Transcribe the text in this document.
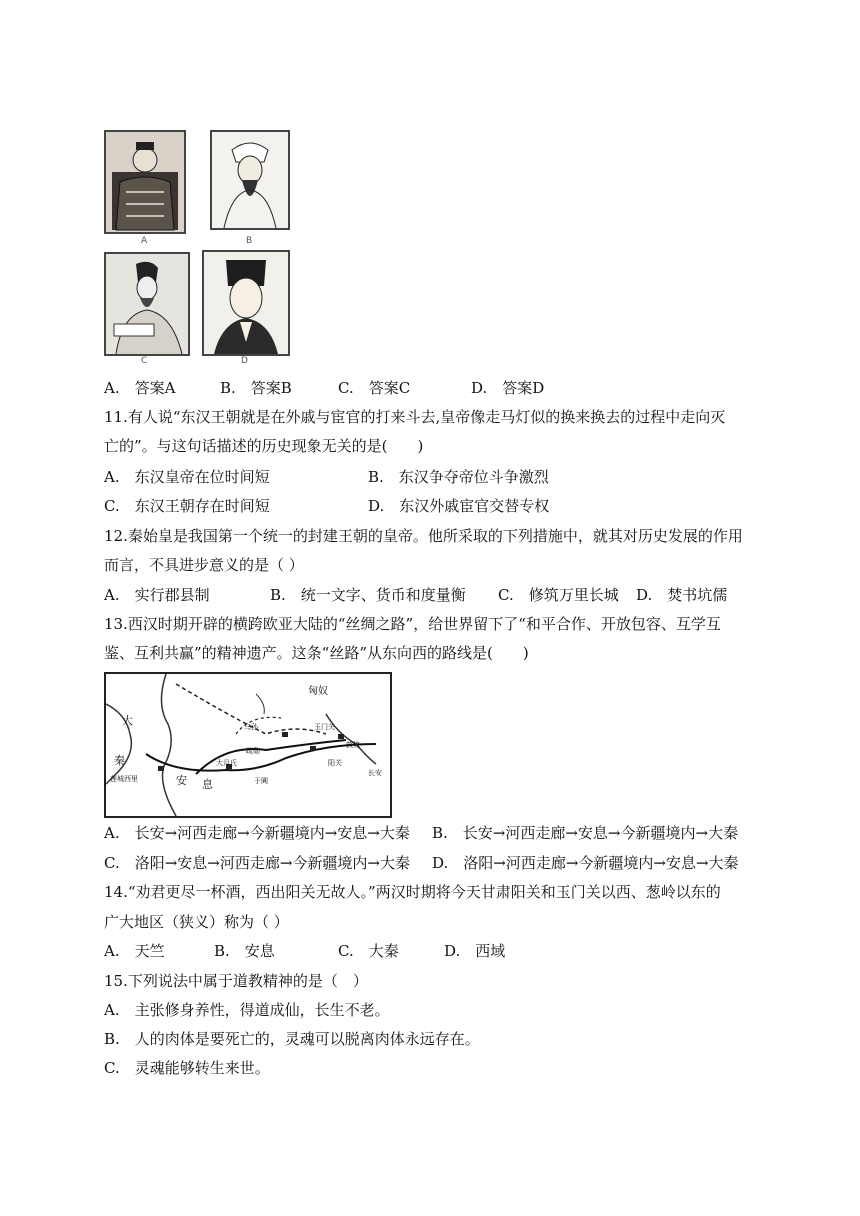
A	B
C	D
A.　答案A	B.　答案B	C.　答案C	D.　答案D
11.有人说“东汉王朝就是在外戚与宦官的打来斗去,皇帝像走马灯似的换来换去的过程中走向灭
亡的”。与这句话描述的历史现象无关的是(　　)
A.　东汉皇帝在位时间短	B.　东汉争夺帝位斗争激烈
C.　东汉王朝存在时间短	D.　东汉外戚宦官交替专权
12.秦始皇是我国第一个统一的封建王朝的皇帝。他所采取的下列措施中，就其对历史发展的作用
而言，不具进步意义的是（ ）
A.　实行郡县制	B.　统一文字、货币和度量衡 C.　修筑万里长城 D.　焚书坑儒
13.西汉时期开辟的横跨欧亚大陆的“丝绸之路”，给世界留下了“和平合作、开放包容、互学互
鉴、互利共赢”的精神遗产。这条“丝路”从东向西的路线是(　　)
匈奴
大
秦
安 息
莲城西里
大月氏
疏勒
于阗
乌孙
阳关
玉门关
敦煌
长安
A.　长安→河西走廊→今新疆境内→安息→大秦 B.　长安→河西走廊→安息→今新疆境内→大秦
C.　洛阳→安息→河西走廊→今新疆境内→大秦 D.　洛阳→河西走廊→今新疆境内→安息→大秦
14.“劝君更尽一杯酒，西出阳关无故人。”两汉时期将今天甘肃阳关和玉门关以西、葱岭以东的
广大地区（狭义）称为（ ）
A.　天竺	B.　安息	C.　大秦	D.　西域
15.下列说法中属于道教精神的是（　）
A.　主张修身养性，得道成仙，长生不老。
B.　人的肉体是要死亡的，灵魂可以脱离肉体永远存在。
C.　灵魂能够转生来世。
